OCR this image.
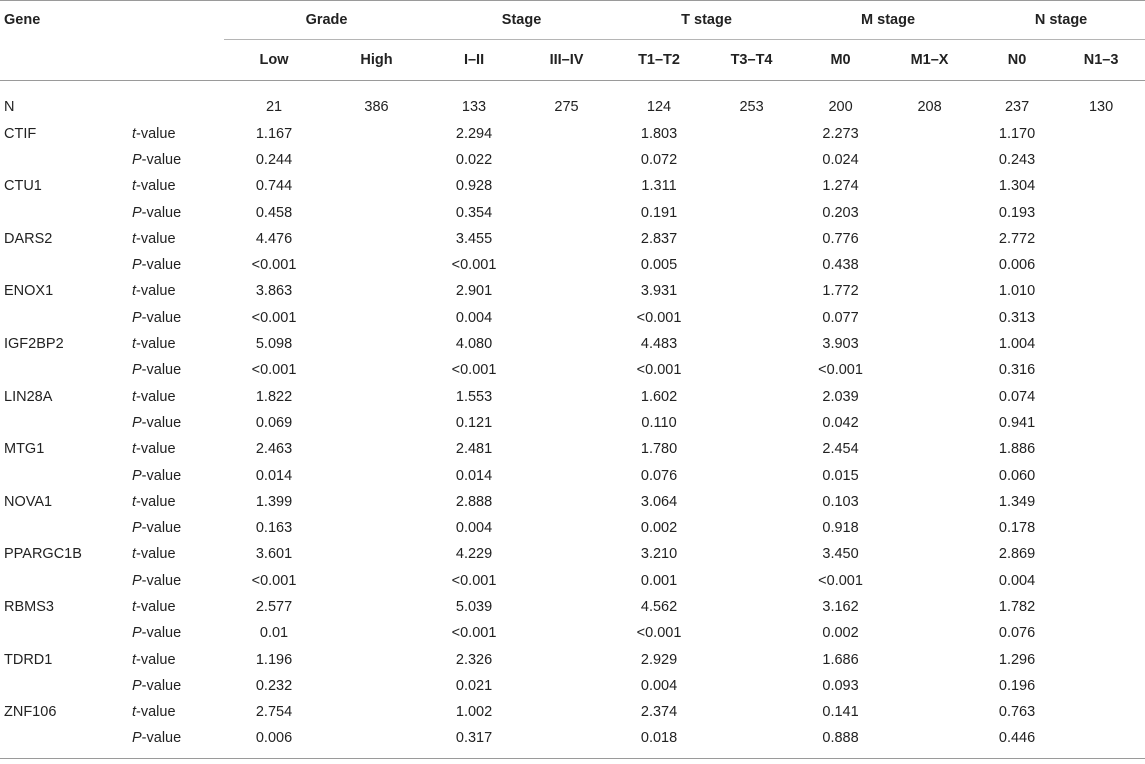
Gene		Grade		Stage		T stage		M stage		N stage	
		Low	High	I–II	III–IV	T1–T2	T3–T4	M0	M1–X	N0	N1–3

N		21	386	133	275	124	253	200	208	237	130
CTIF	t-value	1.167		2.294		1.803		2.273		1.170	
	P-value	0.244		0.022		0.072		0.024		0.243	
CTU1	t-value	0.744		0.928		1.311		1.274		1.304	
	P-value	0.458		0.354		0.191		0.203		0.193	
DARS2	t-value	4.476		3.455		2.837		0.776		2.772	
	P-value	<0.001		<0.001		0.005		0.438		0.006	
ENOX1	t-value	3.863		2.901		3.931		1.772		1.010	
	P-value	<0.001		0.004		<0.001		0.077		0.313	
IGF2BP2	t-value	5.098		4.080		4.483		3.903		1.004	
	P-value	<0.001		<0.001		<0.001		<0.001		0.316	
LIN28A	t-value	1.822		1.553		1.602		2.039		0.074	
	P-value	0.069		0.121		0.110		0.042		0.941	
MTG1	t-value	2.463		2.481		1.780		2.454		1.886	
	P-value	0.014		0.014		0.076		0.015		0.060	
NOVA1	t-value	1.399		2.888		3.064		0.103		1.349	
	P-value	0.163		0.004		0.002		0.918		0.178	
PPARGC1B	t-value	3.601		4.229		3.210		3.450		2.869	
	P-value	<0.001		<0.001		0.001		<0.001		0.004	
RBMS3	t-value	2.577		5.039		4.562		3.162		1.782	
	P-value	0.01		<0.001		<0.001		0.002		0.076	
TDRD1	t-value	1.196		2.326		2.929		1.686		1.296	
	P-value	0.232		0.021		0.004		0.093		0.196	
ZNF106	t-value	2.754		1.002		2.374		0.141		0.763	
	P-value	0.006		0.317		0.018		0.888		0.446	
